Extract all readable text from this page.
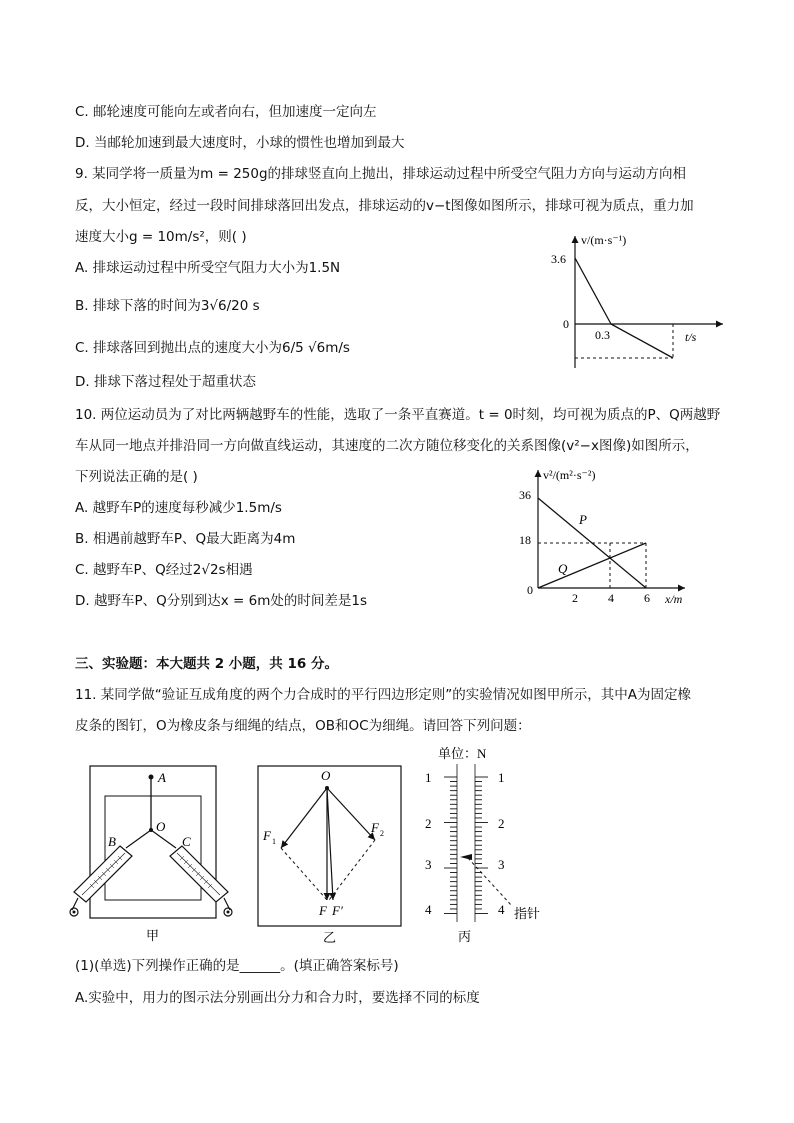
C. 邮轮速度可能向左或者向右，但加速度一定向左
D. 当邮轮加速到最大速度时，小球的惯性也增加到最大
9. 某同学将一质量为m = 250g的排球竖直向上抛出，排球运动过程中所受空气阻力方向与运动方向相
反，大小恒定，经过一段时间排球落回出发点，排球运动的v−t图像如图所示，排球可视为质点，重力加
速度大小g = 10m/s²，则( )
A. 排球运动过程中所受空气阻力大小为1.5N
B. 排球下落的时间为3√6/20 s
C. 排球落回到抛出点的速度大小为6/5 √6m/s
D. 排球下落过程处于超重状态
v/(m·s⁻¹)
t/s
3.6
0
0.3
10. 两位运动员为了对比两辆越野车的性能，选取了一条平直赛道。t = 0时刻，均可视为质点的P、Q两越野
车从同一地点并排沿同一方向做直线运动，其速度的二次方随位移变化的关系图像(v²−x图像)如图所示，
下列说法正确的是( )
A. 越野车P的速度每秒减少1.5m/s
B. 相遇前越野车P、Q最大距离为4m
C. 越野车P、Q经过2√2s相遇
D. 越野车P、Q分别到达x = 6m处的时间差是1s
v²/(m²·s⁻²)
x/m
36
18
0
2	4	6
P
Q
三、实验题：本大题共 2 小题，共 16 分。
11. 某同学做“验证互成角度的两个力合成时的平行四边形定则”的实验情况如图甲所示，其中A为固定橡
皮条的图钉，O为橡皮条与细绳的结点，OB和OC为细绳。请回答下列问题：
A
O
B	C
甲
O
F 1
F 2
F F′
乙
单位：N
1
2
3
4
1
2
3
4 指针
丙
(1)(单选)下列操作正确的是______。(填正确答案标号)
A.实验中，用力的图示法分别画出分力和合力时，要选择不同的标度
